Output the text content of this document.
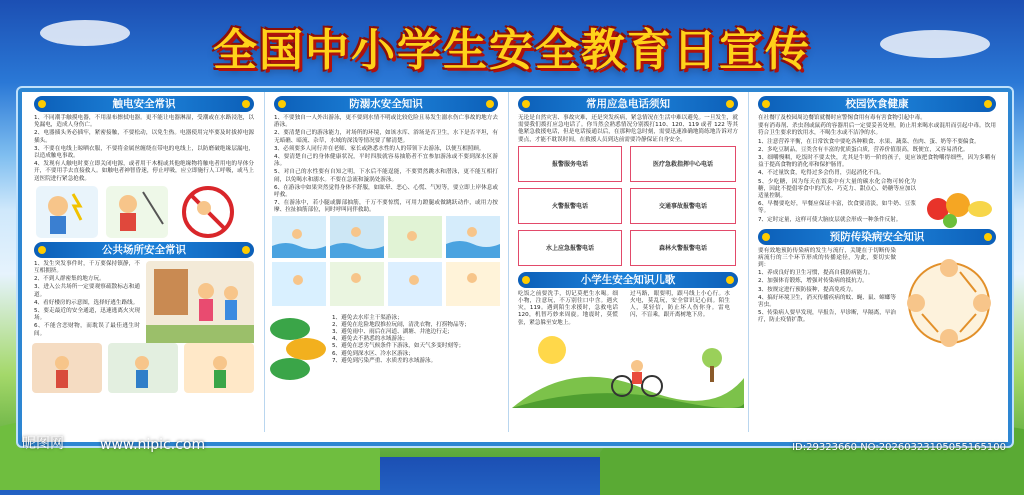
全国中小学生安全教育日宣传
触电安全常识
1、不同潮手触摸电器，不用湿布擦拭电器。更不能让电器淋湿，受潮或在水路浸泡，以免漏电，造成人身伤亡。
2、电器插头务必插牢，紧密接触，不要松动，以免生热。电器使用完毕要及时拔掉电源插头。
3、不要在电线上晾晒衣服，不要将金属丝缠绕在带电的电线上，以防磨破绝缘层漏电，以造成触电事故。
4、发现有人触电时要立即关闭电源，或者用干木棍或其他绝缘物将触电者用电的导体分开，不要用手去直接救人。如触电者神智昏迷，停止呼吸，应立即施行人工呼吸，或马上送医院进行紧急抢救。
公共场所安全常识
1、发生突发事件时，千万要保持镇静，不互相拥挤。
2、不到人群密集的地方玩。
3、进入公共场所一定要观察疏散标志和通道。
4、看好楼房的示意图，选择好逃生路线。
5、要走最近的安全通道，迅速逃离火灾现场。
6、不能含恋财物，而耽误了最佳逃生时间。
防溺水安全知识
1、不要独自一人外出游泳，更不要到水情不明或比较危险且易发生溺水伤亡事故的地方去游泳。
2、要清楚自己的游泳能力，对场所的环境，如该水库、浴场是否卫生，水下是否平坦，有无暗礁、暗流、杂草，水域的深浅等情况要了解清楚。
3、必须要多人同行并在老师、家长或熟悉水性的人的带领下去游泳，以便互相照顾。
4、要清楚自己的身体健康状况，平时四肢就容易抽筋者不宜参加游泳或不要到深水区游泳。
5、对自己的水性要有自知之明，下水后不能逞能，不要贸然跳水和潜泳，更不能互相打闹，以免喝水和溺水。不要在急流和漩涡处游泳。
6、在游泳中如果突然觉得身体不舒服，如眩晕、恶心、心慌、气短等，要立即上岸休息或呼救。
7、在游泳中，若小腿或脚部抽筋，千万不要惊慌，可用力蹬腿或做跳跃动作，或用力按摩、拉扯抽筋部位，同时呼叫同伴救助。
1、避免去水库主干渠游泳；
2、避免在危险地段推拉玩闹，清洗衣物，打捞物品等；
3、避免雨中、雨后在河道、湖塘、井池边行走；
4、避免去不熟悉的水域游泳；
5、避免在恶劣气候条件下游泳，如天气多变时刻等；
6、避免到深水区、冷水区游泳；
7、避免到污染严重、水质差的水域游泳。
常用应急电话须知
无论是自然灾害、事故灾难，还是突发疾病，紧急情况在生活中难以避免。一旦发生，就需要我们拨打应急电话了。你当然会熟悉情况分别拨打110、120、119 或者 122 等其他紧急救援电话，但是电话接通以后，在那种危急时刻，需要迅速准确地简练地告诉对方要点，才能不耽误时间，在救援人员到达前需要冷静保证自身安全。
报警服务电话	医疗急救指挥中心电话
火警报警电话	交通事故报警电话
水上应急报警电话	森林火警报警电话
小学生安全知识儿歌
吃饭之前要洗手，切记莫把生水喝。细小物，注意玩，不万别往口中含。遇火灾，119。遇到陌生求援时，急救电话120，机智巧妙来周旋。地震时，莫慌张，紧急躲至安地上。
过马路，眼要明，跟马线上小心行。水火电，莫乱玩，安全常识记心间。陌生人，莫轻信，防止坏人伤你身。雷电闪，不盲乘，跟开离树地下房。
校园饮食健康
在社餐厅及校园周边餐馆就餐时应警惕食用有毒有害食物引起中毒。
要有消毒剂、杀虫剂或鼠药的容器用后一定要妥善处理，防止用来喝水或混用而引起中毒。饮用符合卫生要求的饮用水，不喝生水或不洁净的水。
1、注意营养平衡，在日常饮食中要吃各种粮食、水果、蔬菜、鱼肉、蛋、奶等不要偏食。
2、多吃豆制品，豆类含有丰富的优质蛋白质，营养价值很高，既便宜，又容易消化。
3、细嚼慢咽，吃饭时不要太快，尤其是牛奶一阶的孩子，更应该把食物嚼得细些，因为多嚼有益于提高食物的消化率和保护肠胃。
4、不过量饮食，吃得过多会伤胃，引起消化不良。
5、少吃糖，因为每天在饭菜中有大量的碳水化合物可转化为糖，因此不提倡零食中的汽水、巧克力、甜点心、奶糖等应加以适量控制。
6、早餐要吃好，早餐应保证丰富，饮食要清淡，如牛奶、豆浆等。
7、定时定量，这样可使大脑皮层就会形成一种条件反射。
预防传染病安全知识
要有效地预防传染病的发生与流行，关键在于切断传染病流行的三个环节形成的传播途径，为此，要切实做到：
1、养成良好的卫生习惯，提高自我防病能力。
2、加强体育锻炼，增强对传染病的抵抗力。
3、按规定进行预防接种，提高免疫力。
4、搞好环境卫生，消灭传播疾病的蚊、蝇、鼠、蟑螂等害虫。
5、传染病人要早发现，早报告，早诊断，早隔离，早治疗，防止疫情扩散。
昵图网	www.nipic.com	ID:29323660 NO:20260323105055165100
